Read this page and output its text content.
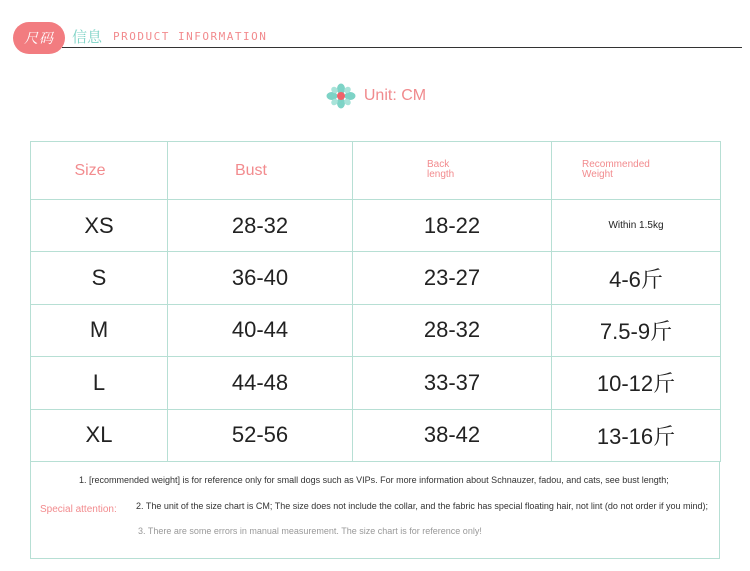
尺码	信息 PRODUCT INFORMATION
Unit: CM
Size	Bust	Back length	Recommended Weight
XS	28-32	18-22	Within 1.5kg
S	36-40	23-27	4-6斤
M	40-44	28-32	7.5-9斤
L	44-48	33-37	10-12斤
XL	52-56	38-42	13-16斤
1. [recommended weight] is for reference only for small dogs such as VIPs. For more information about Schnauzer, fadou, and cats, see bust length;
Special attention: 2. The unit of the size chart is CM; The size does not include the collar, and the fabric has special floating hair, not lint (do not order if you mind);
3. There are some errors in manual measurement. The size chart is for reference only!
